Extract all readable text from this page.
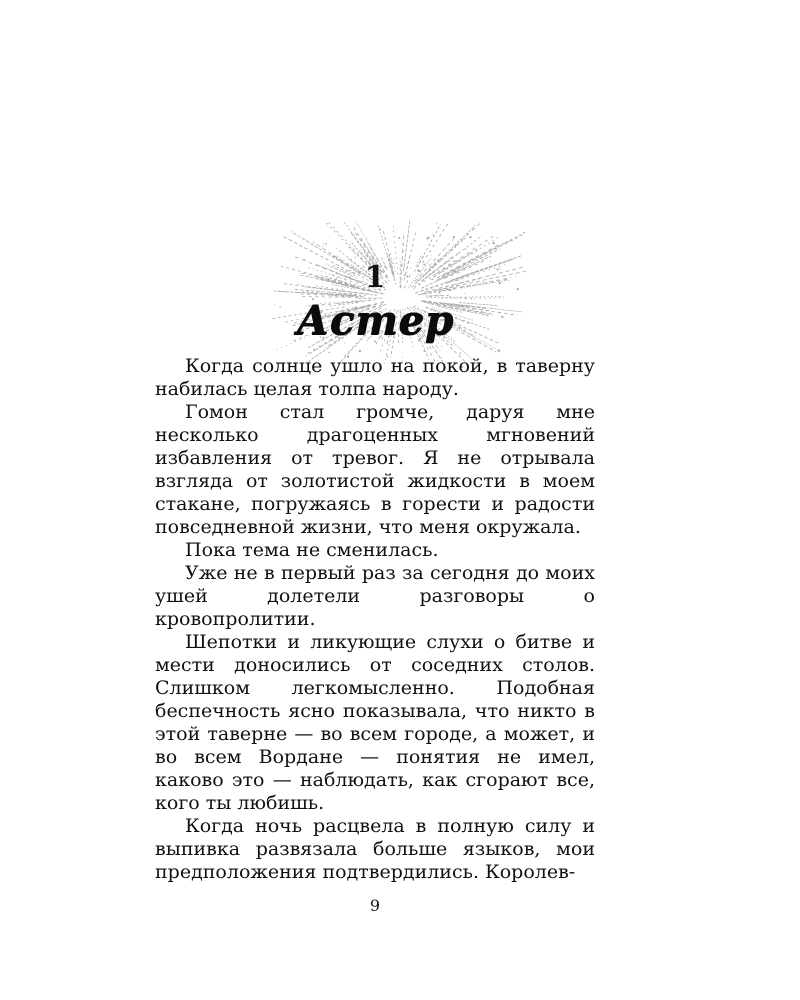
1
Астер

Когда солнце ушло на покой, в таверну набилась целая толпа народу.

Гомон стал громче, даруя мне несколько драгоценных мгновений избавления от тревог. Я не отрывала взгляда от золотистой жидкости в моем стакане, погружаясь в горести и радости повседневной жизни, что меня окружала.

Пока тема не сменилась.

Уже не в первый раз за сегодня до моих ушей долетели разговоры о кровопролитии.

Шепотки и ликующие слухи о битве и мести доносились от соседних столов. Слишком легкомысленно. Подобная беспечность ясно показывала, что никто в этой таверне — во всем городе, а может, и во всем Вордане — понятия не имел, каково это — наблюдать, как сгорают все, кого ты любишь.

Когда ночь расцвела в полную силу и выпивка развязала больше языков, мои предположения подтвердились. Королев-

9
